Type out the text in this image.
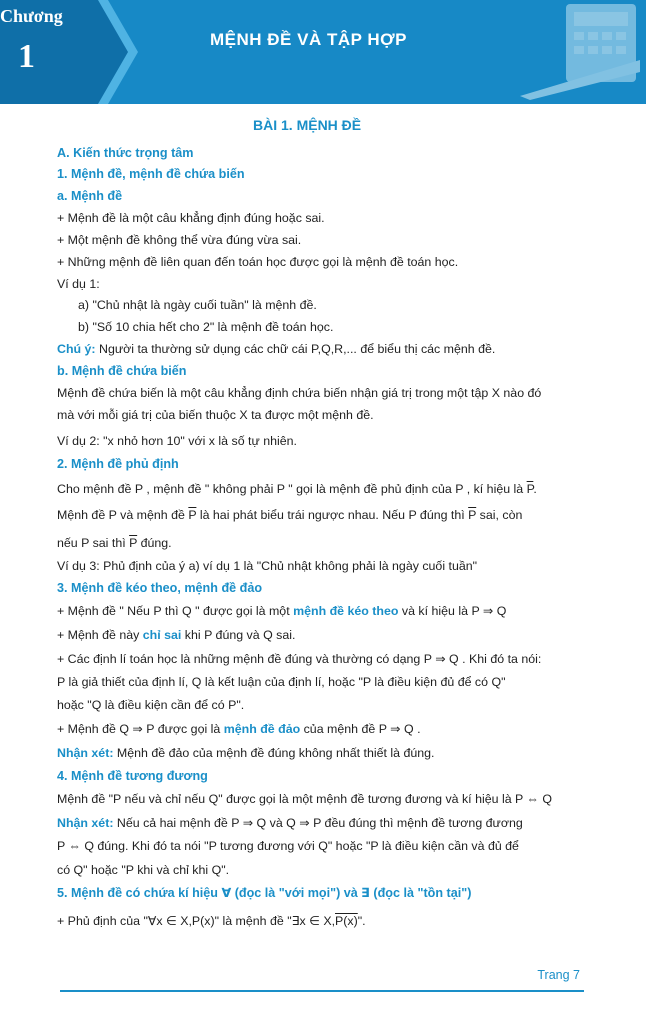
Chương
1	MỆNH ĐỀ VÀ TẬP HỢP
BÀI 1. MỆNH ĐỀ
A. Kiến thức trọng tâm
1. Mệnh đề, mệnh đề chứa biến
a. Mệnh đề
+ Mệnh đề là một câu khẳng định đúng hoặc sai.
+ Một mệnh đề không thể vừa đúng vừa sai.
+ Những mệnh đề liên quan đến toán học được gọi là mệnh đề toán học.
Ví dụ 1:
a) "Chủ nhật là ngày cuối tuần" là mệnh đề.
b) "Số 10 chia hết cho 2" là mệnh đề toán học.
Chú ý: Người ta thường sử dụng các chữ cái P,Q,R,... để biểu thị các mệnh đề.
b. Mệnh đề chứa biến
Mệnh đề chứa biến là một câu khẳng định chứa biến nhận giá trị trong một tập X nào đó
mà với mỗi giá trị của biến thuộc X ta được một mệnh đề.
Ví dụ 2: "x nhỏ hơn 10" với x là số tự nhiên.
2. Mệnh đề phủ định
Cho mệnh đề P , mệnh đề " không phải P " gọi là mệnh đề phủ định của P , kí hiệu là $\overline{P}$.
Mệnh đề P và mệnh đề $\overline{P}$ là hai phát biểu trái ngược nhau. Nếu P đúng thì $\overline{P}$ sai, còn
nếu P sai thì $\overline{P}$ đúng.
Ví dụ 3: Phủ định của ý a) ví dụ 1 là "Chủ nhật không phải là ngày cuối tuần"
3. Mệnh đề kéo theo, mệnh đề đảo
+ Mệnh đề " Nếu P thì Q " được gọi là một mệnh đề kéo theo và kí hiệu là P ⇒ Q
+ Mệnh đề này chỉ sai khi P đúng và Q sai.
+ Các định lí toán học là những mệnh đề đúng và thường có dạng P ⇒ Q . Khi đó ta nói:
P là giả thiết của định lí, Q là kết luận của định lí, hoặc "P là điều kiện đủ để có Q"
hoặc "Q là điều kiện cần để có P".
+ Mệnh đề Q ⇒ P được gọi là mệnh đề đảo của mệnh đề P ⇒ Q .
Nhận xét: Mệnh đề đảo của mệnh đề đúng không nhất thiết là đúng.
4. Mệnh đề tương đương
Mệnh đề "P nếu và chỉ nếu Q" được gọi là một mệnh đề tương đương và kí hiệu là P ⇔ Q
Nhận xét: Nếu cả hai mệnh đề P ⇒ Q và Q ⇒ P đều đúng thì mệnh đề tương đương
P ⇔ Q đúng. Khi đó ta nói "P tương đương với Q" hoặc "P là điều kiện cần và đủ để
có Q" hoặc "P khi và chỉ khi Q".
5. Mệnh đề có chứa kí hiệu ∀ (đọc là "với mọi") và ∃ (đọc là "tồn tại")
+ Phủ định của "∀x ∈ X,P(x)" là mệnh đề "∃x ∈ X,P(x)".
Trang 7
